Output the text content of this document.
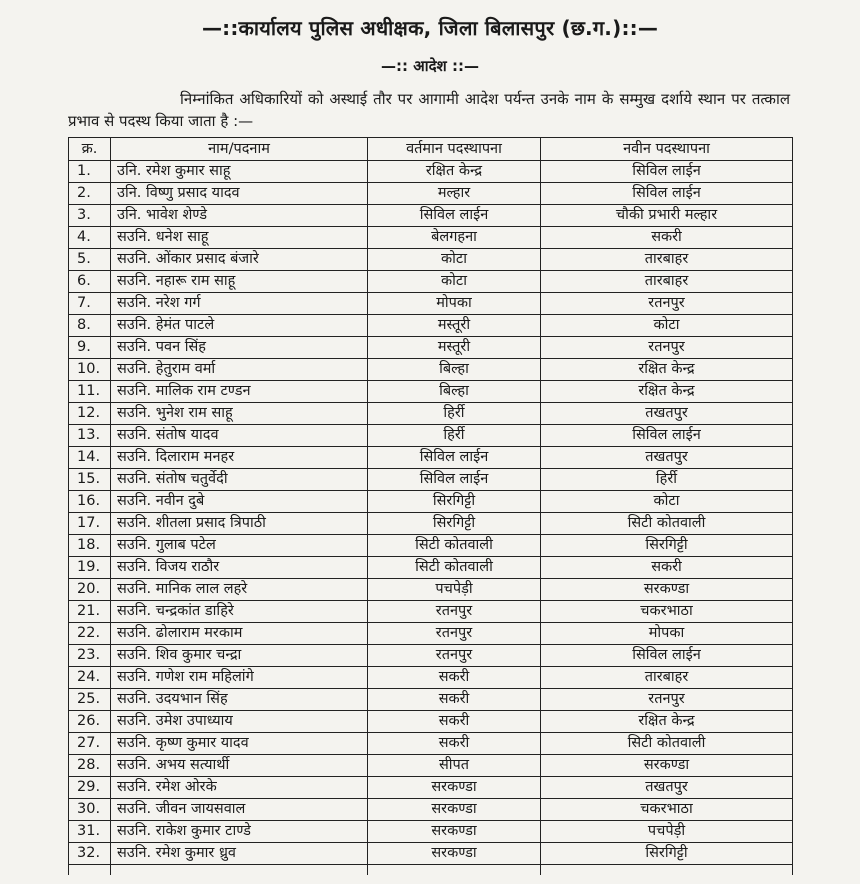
—::कार्यालय पुलिस अधीक्षक, जिला बिलासपुर (छ.ग.)::—
—:: आदेश ::—
निम्नांकित अधिकारियों को अस्थाई तौर पर आगामी आदेश पर्यन्त उनके नाम के सम्मुख दर्शाये स्थान पर तत्काल प्रभाव से पदस्थ किया जाता है :—
क्र.	नाम/पदनाम	वर्तमान पदस्थापना	नवीन पदस्थापना
1.	उनि. रमेश कुमार साहू	रक्षित केन्द्र	सिविल लाईन
2.	उनि. विष्णु प्रसाद यादव	मल्हार	सिविल लाईन
3.	उनि. भावेश शेण्डे	सिविल लाईन	चौकी प्रभारी मल्हार
4.	सउनि. धनेश साहू	बेलगहना	सकरी
5.	सउनि. ओंकार प्रसाद बंजारे	कोटा	तारबाहर
6.	सउनि. नहारू राम साहू	कोटा	तारबाहर
7.	सउनि. नरेश गर्ग	मोपका	रतनपुर
8.	सउनि. हेमंत पाटले	मस्तूरी	कोटा
9.	सउनि. पवन सिंह	मस्तूरी	रतनपुर
10.	सउनि. हेतुराम वर्मा	बिल्हा	रक्षित केन्द्र
11.	सउनि. मालिक राम टण्डन	बिल्हा	रक्षित केन्द्र
12.	सउनि. भुनेश राम साहू	हिर्री	तखतपुर
13.	सउनि. संतोष यादव	हिर्री	सिविल लाईन
14.	सउनि. दिलाराम मनहर	सिविल लाईन	तखतपुर
15.	सउनि. संतोष चतुर्वेदी	सिविल लाईन	हिर्री
16.	सउनि. नवीन दुबे	सिरगिट्टी	कोटा
17.	सउनि. शीतला प्रसाद त्रिपाठी	सिरगिट्टी	सिटी कोतवाली
18.	सउनि. गुलाब पटेल	सिटी कोतवाली	सिरगिट्टी
19.	सउनि. विजय राठौर	सिटी कोतवाली	सकरी
20.	सउनि. मानिक लाल लहरे	पचपेड़ी	सरकण्डा
21.	सउनि. चन्द्रकांत डाहिरे	रतनपुर	चकरभाठा
22.	सउनि. ढोलाराम मरकाम	रतनपुर	मोपका
23.	सउनि. शिव कुमार चन्द्रा	रतनपुर	सिविल लाईन
24.	सउनि. गणेश राम महिलांगे	सकरी	तारबाहर
25.	सउनि. उदयभान सिंह	सकरी	रतनपुर
26.	सउनि. उमेश उपाध्याय	सकरी	रक्षित केन्द्र
27.	सउनि. कृष्ण कुमार यादव	सकरी	सिटी कोतवाली
28.	सउनि. अभय सत्यार्थी	सीपत	सरकण्डा
29.	सउनि. रमेश ओरके	सरकण्डा	तखतपुर
30.	सउनि. जीवन जायसवाल	सरकण्डा	चकरभाठा
31.	सउनि. राकेश कुमार टाण्डे	सरकण्डा	पचपेड़ी
32.	सउनि. रमेश कुमार ध्रुव	सरकण्डा	सिरगिट्टी
